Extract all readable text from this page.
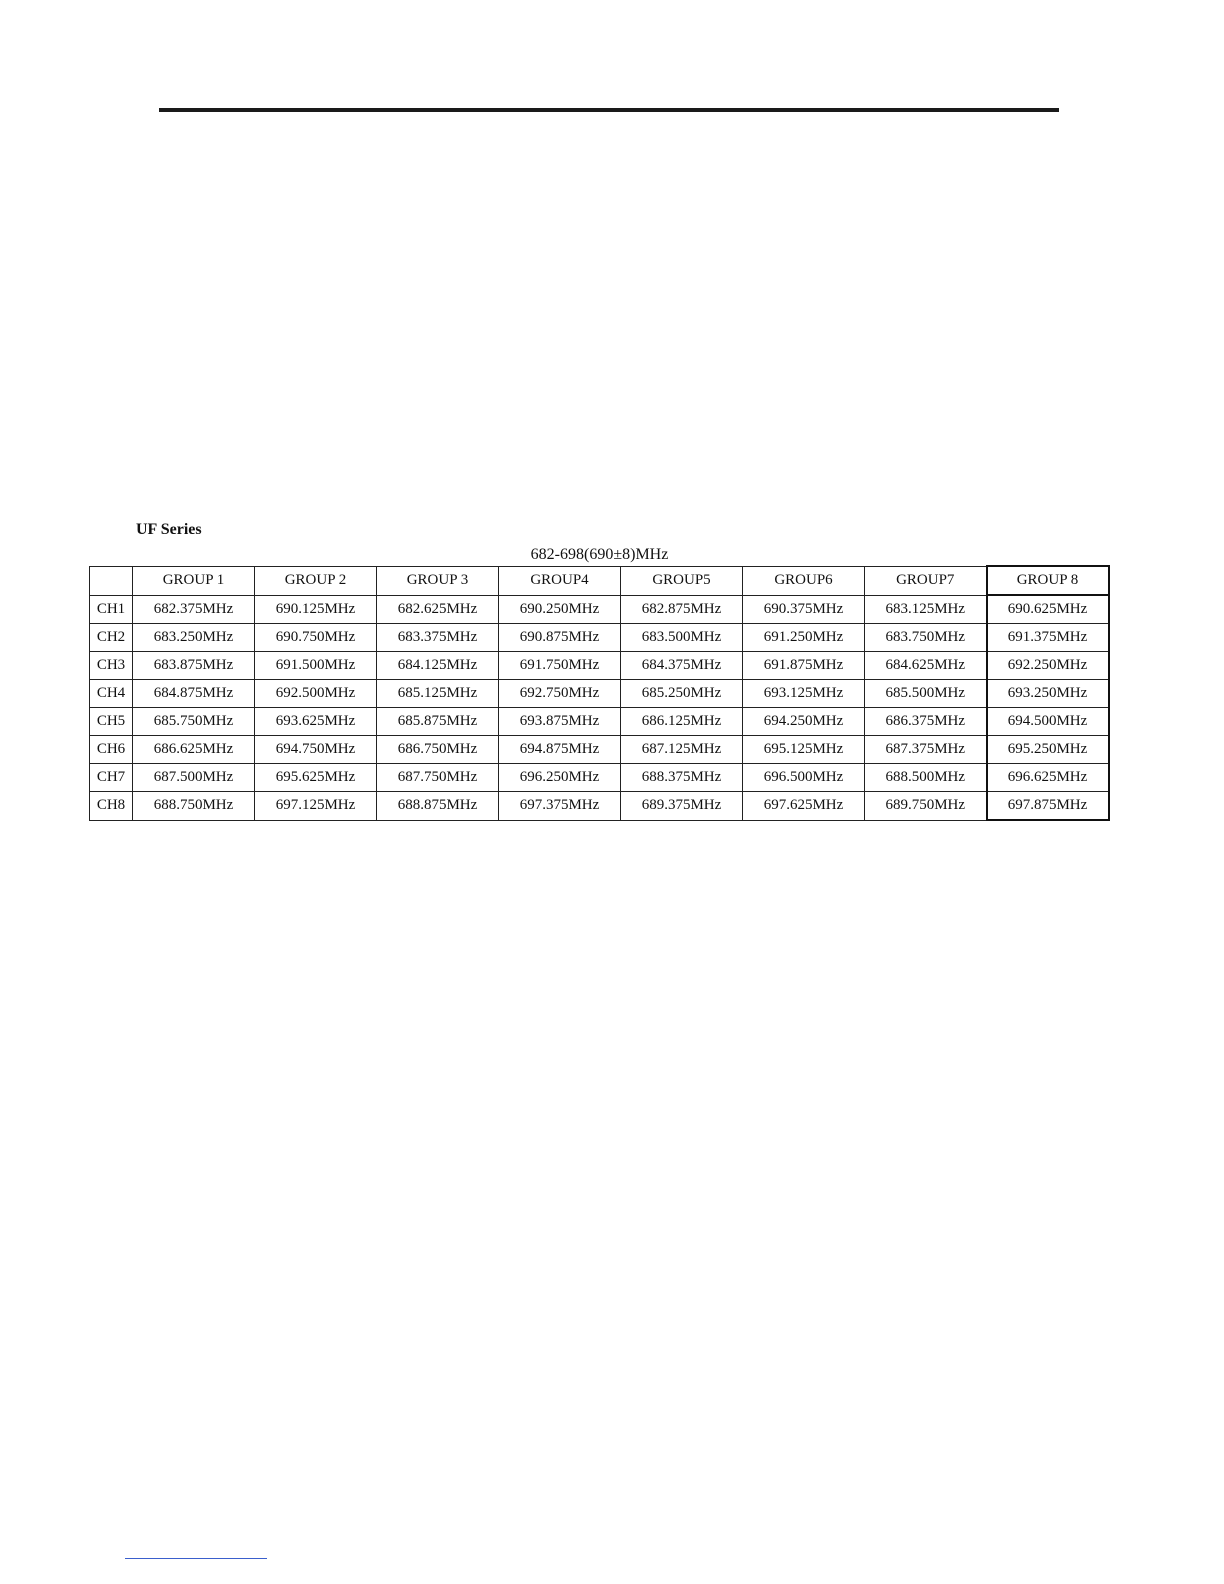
UF Series
682-698(690±8)MHz
	GROUP 1	GROUP 2	GROUP 3	GROUP4	GROUP5	GROUP6	GROUP7	GROUP 8
CH1	682.375MHz	690.125MHz	682.625MHz	690.250MHz	682.875MHz	690.375MHz	683.125MHz	690.625MHz
CH2	683.250MHz	690.750MHz	683.375MHz	690.875MHz	683.500MHz	691.250MHz	683.750MHz	691.375MHz
CH3	683.875MHz	691.500MHz	684.125MHz	691.750MHz	684.375MHz	691.875MHz	684.625MHz	692.250MHz
CH4	684.875MHz	692.500MHz	685.125MHz	692.750MHz	685.250MHz	693.125MHz	685.500MHz	693.250MHz
CH5	685.750MHz	693.625MHz	685.875MHz	693.875MHz	686.125MHz	694.250MHz	686.375MHz	694.500MHz
CH6	686.625MHz	694.750MHz	686.750MHz	694.875MHz	687.125MHz	695.125MHz	687.375MHz	695.250MHz
CH7	687.500MHz	695.625MHz	687.750MHz	696.250MHz	688.375MHz	696.500MHz	688.500MHz	696.625MHz
CH8	688.750MHz	697.125MHz	688.875MHz	697.375MHz	689.375MHz	697.625MHz	689.750MHz	697.875MHz
